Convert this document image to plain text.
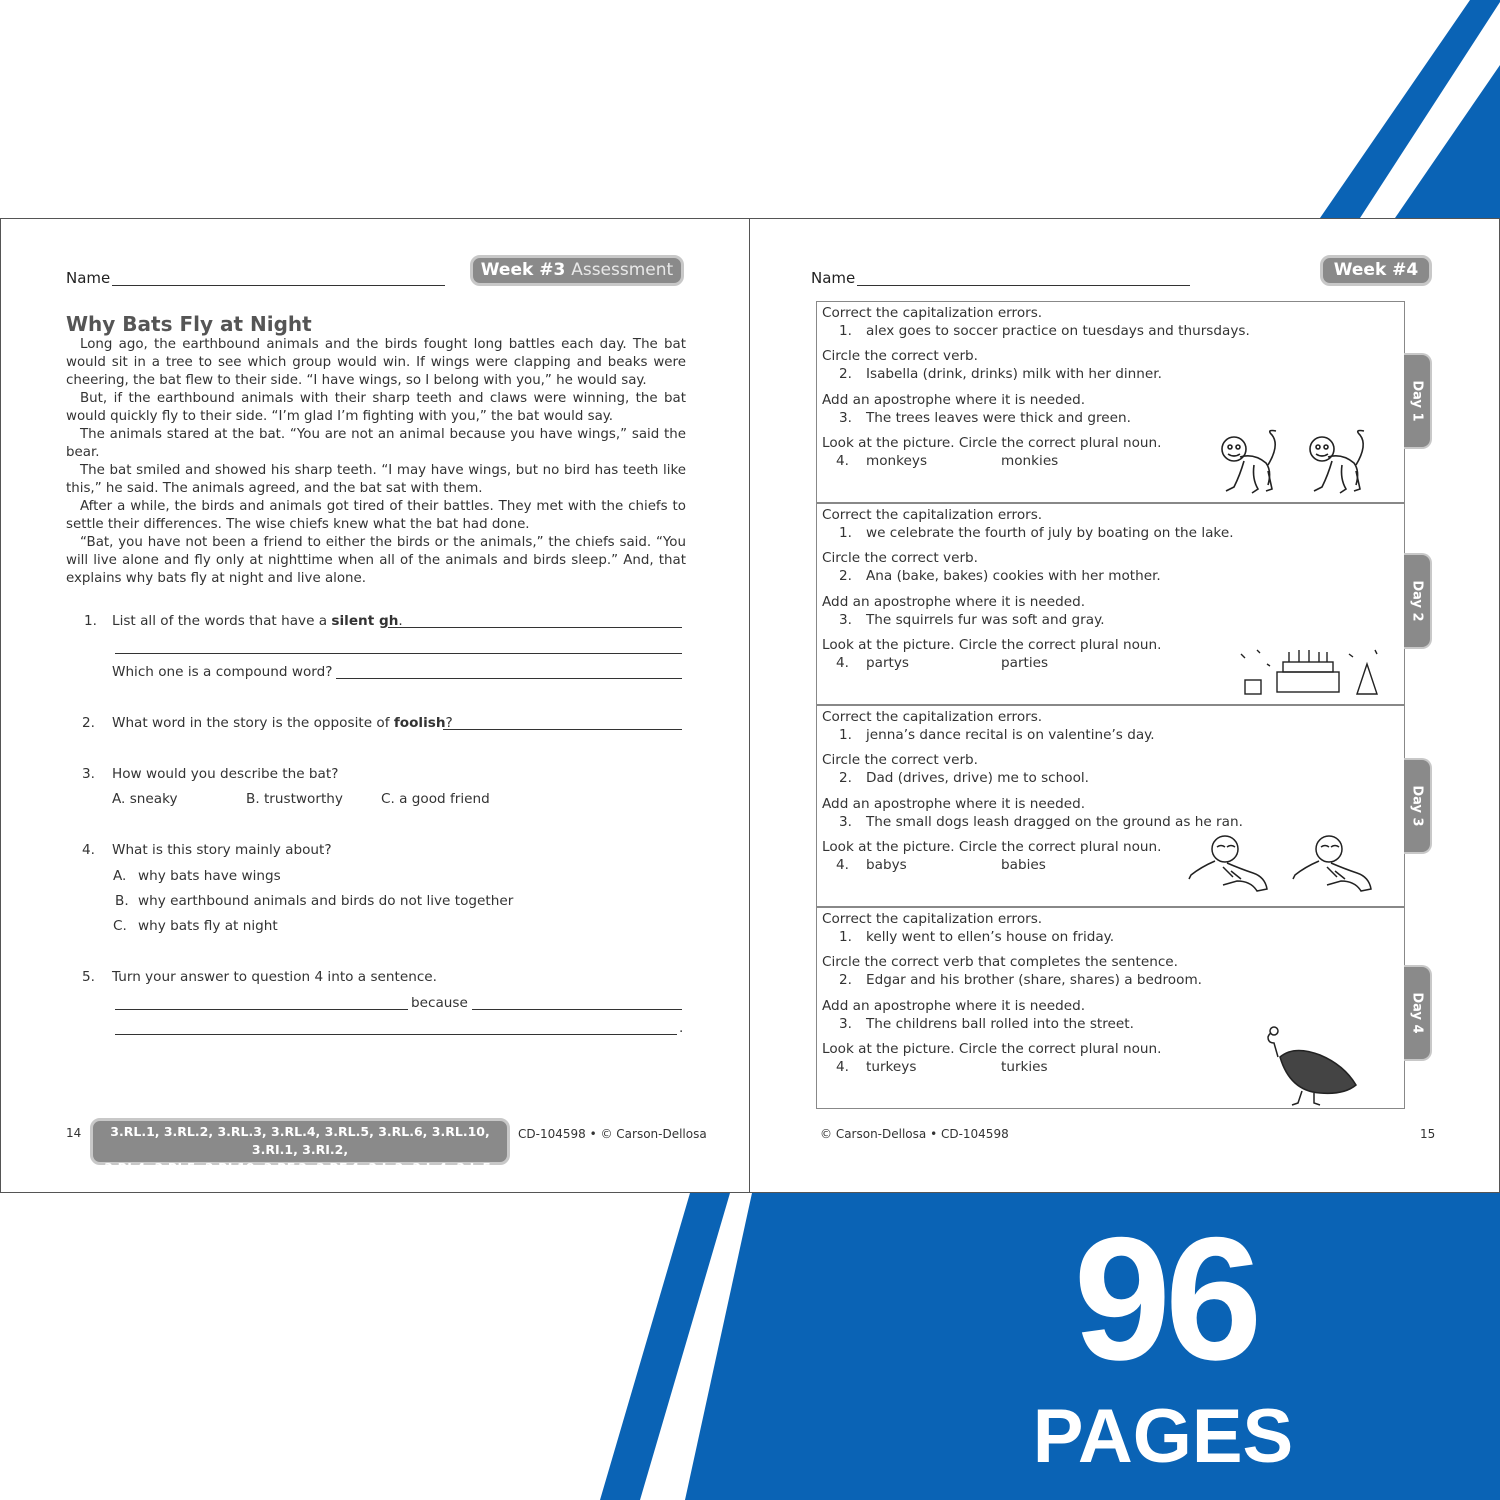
Name	Week #3 Assessment
Why Bats Fly at Night

Long ago, the earthbound animals and the birds fought long battles each day. The bat would sit in a tree to see which group would win. If wings were clapping and beaks were cheering, the bat flew to their side. “I have wings, so I belong with you,” he would say.

But, if the earthbound animals with their sharp teeth and claws were winning, the bat would quickly fly to their side. “I’m glad I’m fighting with you,” the bat would say.

The animals stared at the bat. “You are not an animal because you have wings,” said the bear.

The bat smiled and showed his sharp teeth. “I may have wings, but no bird has teeth like this,” he said. The animals agreed, and the bat sat with them.

After a while, the birds and animals got tired of their battles. They met with the chiefs to settle their differences. The wise chiefs knew what the bat had done.

“Bat, you have not been a friend to either the birds or the animals,” the chiefs said. “You will live alone and fly only at nighttime when all of the animals and birds sleep.” And, that explains why bats fly at night and live alone.

1. List all of the words that have a silent gh.
Which one is a compound word?
2. What word in the story is the opposite of foolish?
3. How would you describe the bat?
A. sneaky	B. trustworthy	C. a good friend
4. What is this story mainly about?
A. why bats have wings
B. why earthbound animals and birds do not live together
C. why bats fly at night
5. Turn your answer to question 4 into a sentence.
because
.
14	3.RL.1, 3.RL.2, 3.RL.3, 3.RL.4, 3.RL.5, 3.RL.6, 3.RL.10, 3.RI.1, 3.RI.2,
3.RI.4, 3.RI.5, 3.RI.10, 3.RF.3, 3.RF.4, 3.L.3, 3.L.4, 3.L.5, 3.L.6
CD-104598 • © Carson-Dellosa
Name	Week #4
Correct the capitalization errors.
1. alex goes to soccer practice on tuesdays and thursdays.
Circle the correct verb.
2. Isabella (drink, drinks) milk with her dinner.
Add an apostrophe where it is needed.
3. The trees leaves were thick and green.
Look at the picture. Circle the correct plural noun.
4. monkeys	monkies
Day 1
Correct the capitalization errors.
1. we celebrate the fourth of july by boating on the lake.
Circle the correct verb.
2. Ana (bake, bakes) cookies with her mother.
Add an apostrophe where it is needed.
3. The squirrels fur was soft and gray.
Look at the picture. Circle the correct plural noun.
4. partys	parties
Day 2
Correct the capitalization errors.
1. jenna’s dance recital is on valentine’s day.
Circle the correct verb.
2. Dad (drives, drive) me to school.
Add an apostrophe where it is needed.
3. The small dogs leash dragged on the ground as he ran.
Look at the picture. Circle the correct plural noun.
4. babys	babies
Day 3
Correct the capitalization errors.
1. kelly went to ellen’s house on friday.
Circle the correct verb that completes the sentence.
2. Edgar and his brother (share, shares) a bedroom.
Add an apostrophe where it is needed.
3. The childrens ball rolled into the street.
Look at the picture. Circle the correct plural noun.
4. turkeys	turkies
Day 4
© Carson-Dellosa • CD-104598	15
96
PAGES
